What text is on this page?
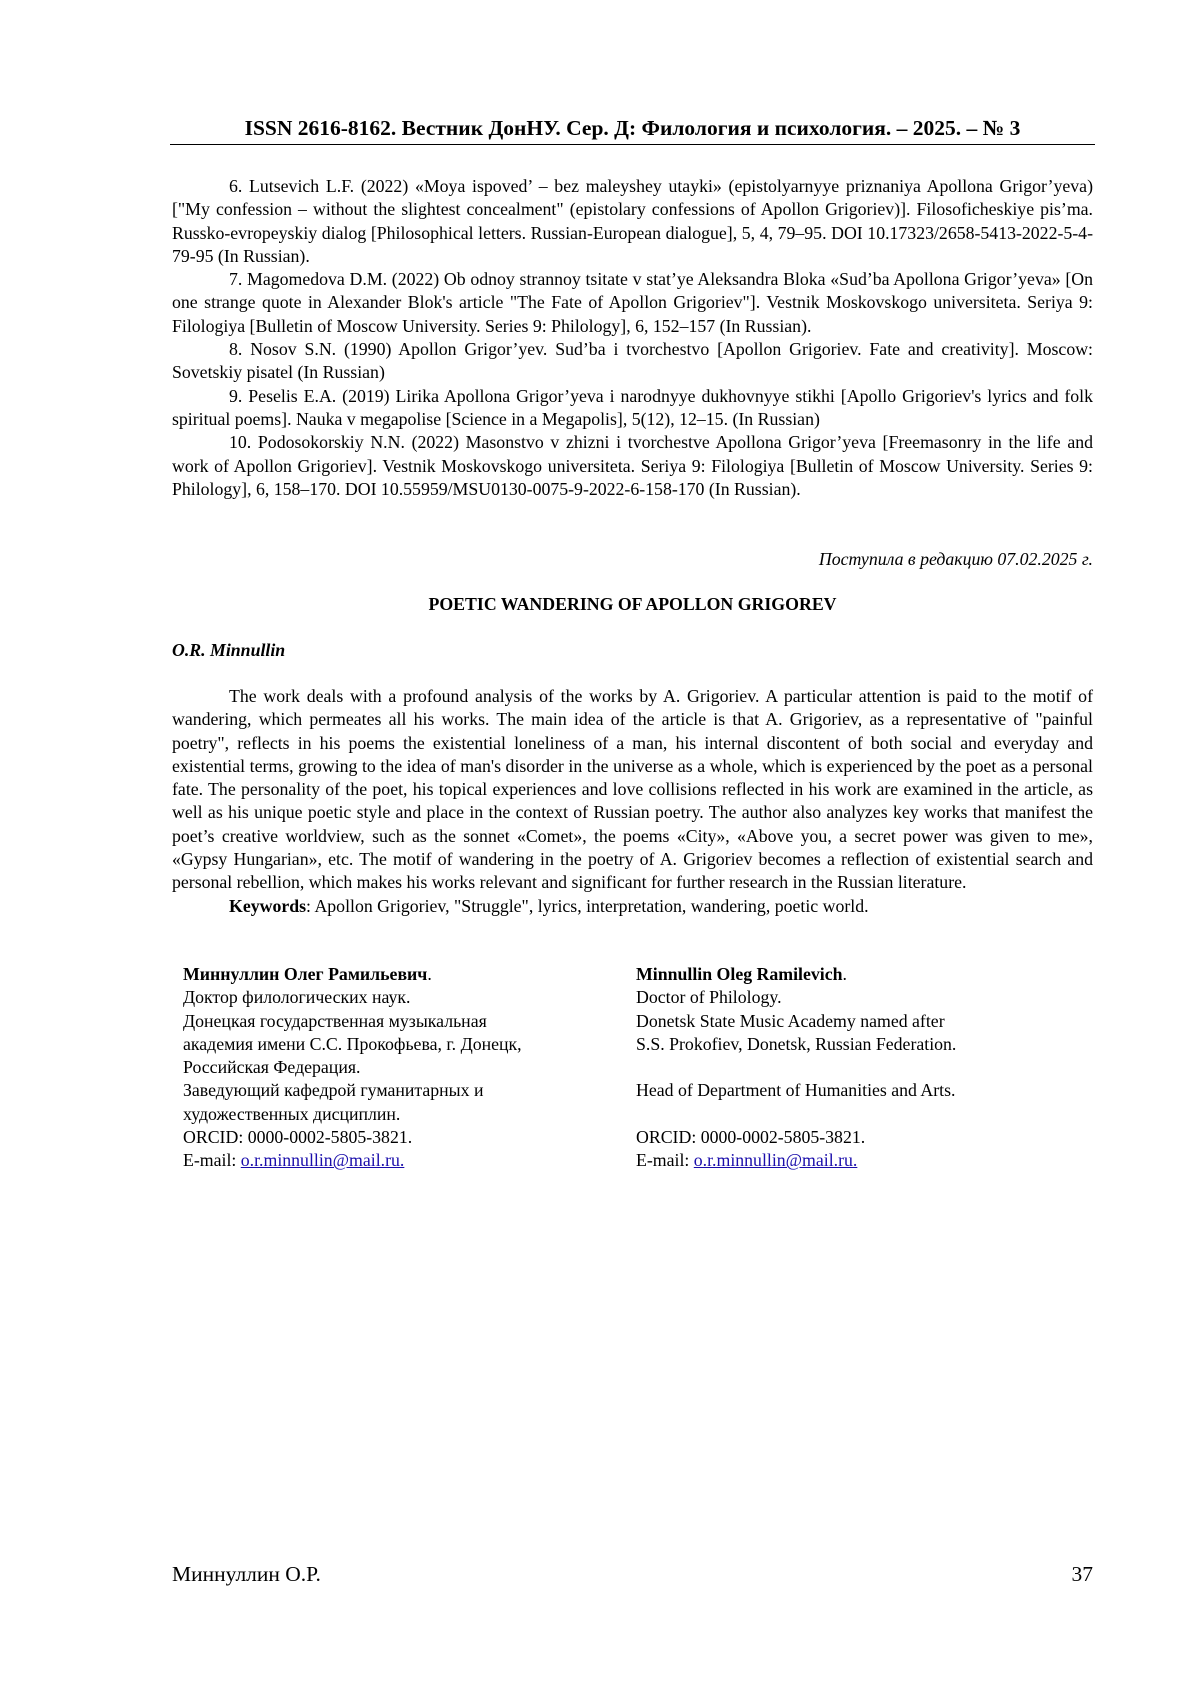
ISSN 2616-8162. Вестник ДонНУ. Сер. Д: Филология и психология. – 2025. – № 3

6. Lutsevich L.F. (2022) «Moya ispoved’ – bez maleyshey utayki» (epistolyarnyye priznaniya Apollona Grigor’yeva) ["My confession – without the slightest concealment" (epistolary confessions of Apollon Grigoriev)]. Filosoficheskiye pis’ma. Russko-evropeyskiy dialog [Philosophical letters. Russian-European dialogue], 5, 4, 79–95. DOI 10.17323/2658-5413-2022-5-4-79-95 (In Russian).

7. Magomedova D.M. (2022) Ob odnoy strannoy tsitate v stat’ye Aleksandra Bloka «Sud’ba Apollona Grigor’yeva» [On one strange quote in Alexander Blok's article "The Fate of Apollon Grigoriev"]. Vestnik Moskovskogo universiteta. Seriya 9: Filologiya [Bulletin of Moscow University. Series 9: Philology], 6, 152–157 (In Russian).

8. Nosov S.N. (1990) Apollon Grigor’yev. Sud’ba i tvorchestvo [Apollon Grigoriev. Fate and creativity]. Moscow: Sovetskiy pisatel (In Russian)

9. Peselis E.A. (2019) Lirika Apollona Grigor’yeva i narodnyye dukhovnyye stikhi [Apollo Grigoriev's lyrics and folk spiritual poems]. Nauka v megapolise [Science in a Megapolis], 5(12), 12–15. (In Russian)

10. Podosokorskiy N.N. (2022) Masonstvo v zhizni i tvorchestve Apollona Grigor’yeva [Freemasonry in the life and work of Apollon Grigoriev]. Vestnik Moskovskogo universiteta. Seriya 9: Filologiya [Bulletin of Moscow University. Series 9: Philology], 6, 158–170. DOI 10.55959/MSU0130-0075-9-2022-6-158-170 (In Russian).

Поступила в редакцию 07.02.2025 г.
POETIC WANDERING OF APOLLON GRIGOREV
O.R. Minnullin

The work deals with a profound analysis of the works by A. Grigoriev. A particular attention is paid to the motif of wandering, which permeates all his works. The main idea of the article is that A. Grigoriev, as a representative of "painful poetry", reflects in his poems the existential loneliness of a man, his internal discontent of both social and everyday and existential terms, growing to the idea of man's disorder in the universe as a whole, which is experienced by the poet as a personal fate. The personality of the poet, his topical experiences and love collisions reflected in his work are examined in the article, as well as his unique poetic style and place in the context of Russian poetry. The author also analyzes key works that manifest the poet’s creative worldview, such as the sonnet «Comet», the poems «City», «Above you, a secret power was given to me», «Gypsy Hungarian», etc. The motif of wandering in the poetry of A. Grigoriev becomes a reflection of existential search and personal rebellion, which makes his works relevant and significant for further research in the Russian literature.

Keywords: Apollon Grigoriev, "Struggle", lyrics, interpretation, wandering, poetic world.

Миннуллин Олег Рамильевич.
Доктор филологических наук.
Донецкая государственная музыкальная
академия имени С.С. Прокофьева, г. Донецк,
Российская Федерация.
Заведующий кафедрой гуманитарных и
художественных дисциплин.
ORCID: 0000-0002-5805-3821.
E-mail: o.r.minnullin@mail.ru.
Minnullin Oleg Ramilevich.
Doctor of Philology.
Donetsk State Music Academy named after
S.S. Prokofiev, Donetsk, Russian Federation.
Head of Department of Humanities and Arts.
ORCID: 0000-0002-5805-3821.
E-mail: o.r.minnullin@mail.ru.
Миннуллин О.Р.	37
